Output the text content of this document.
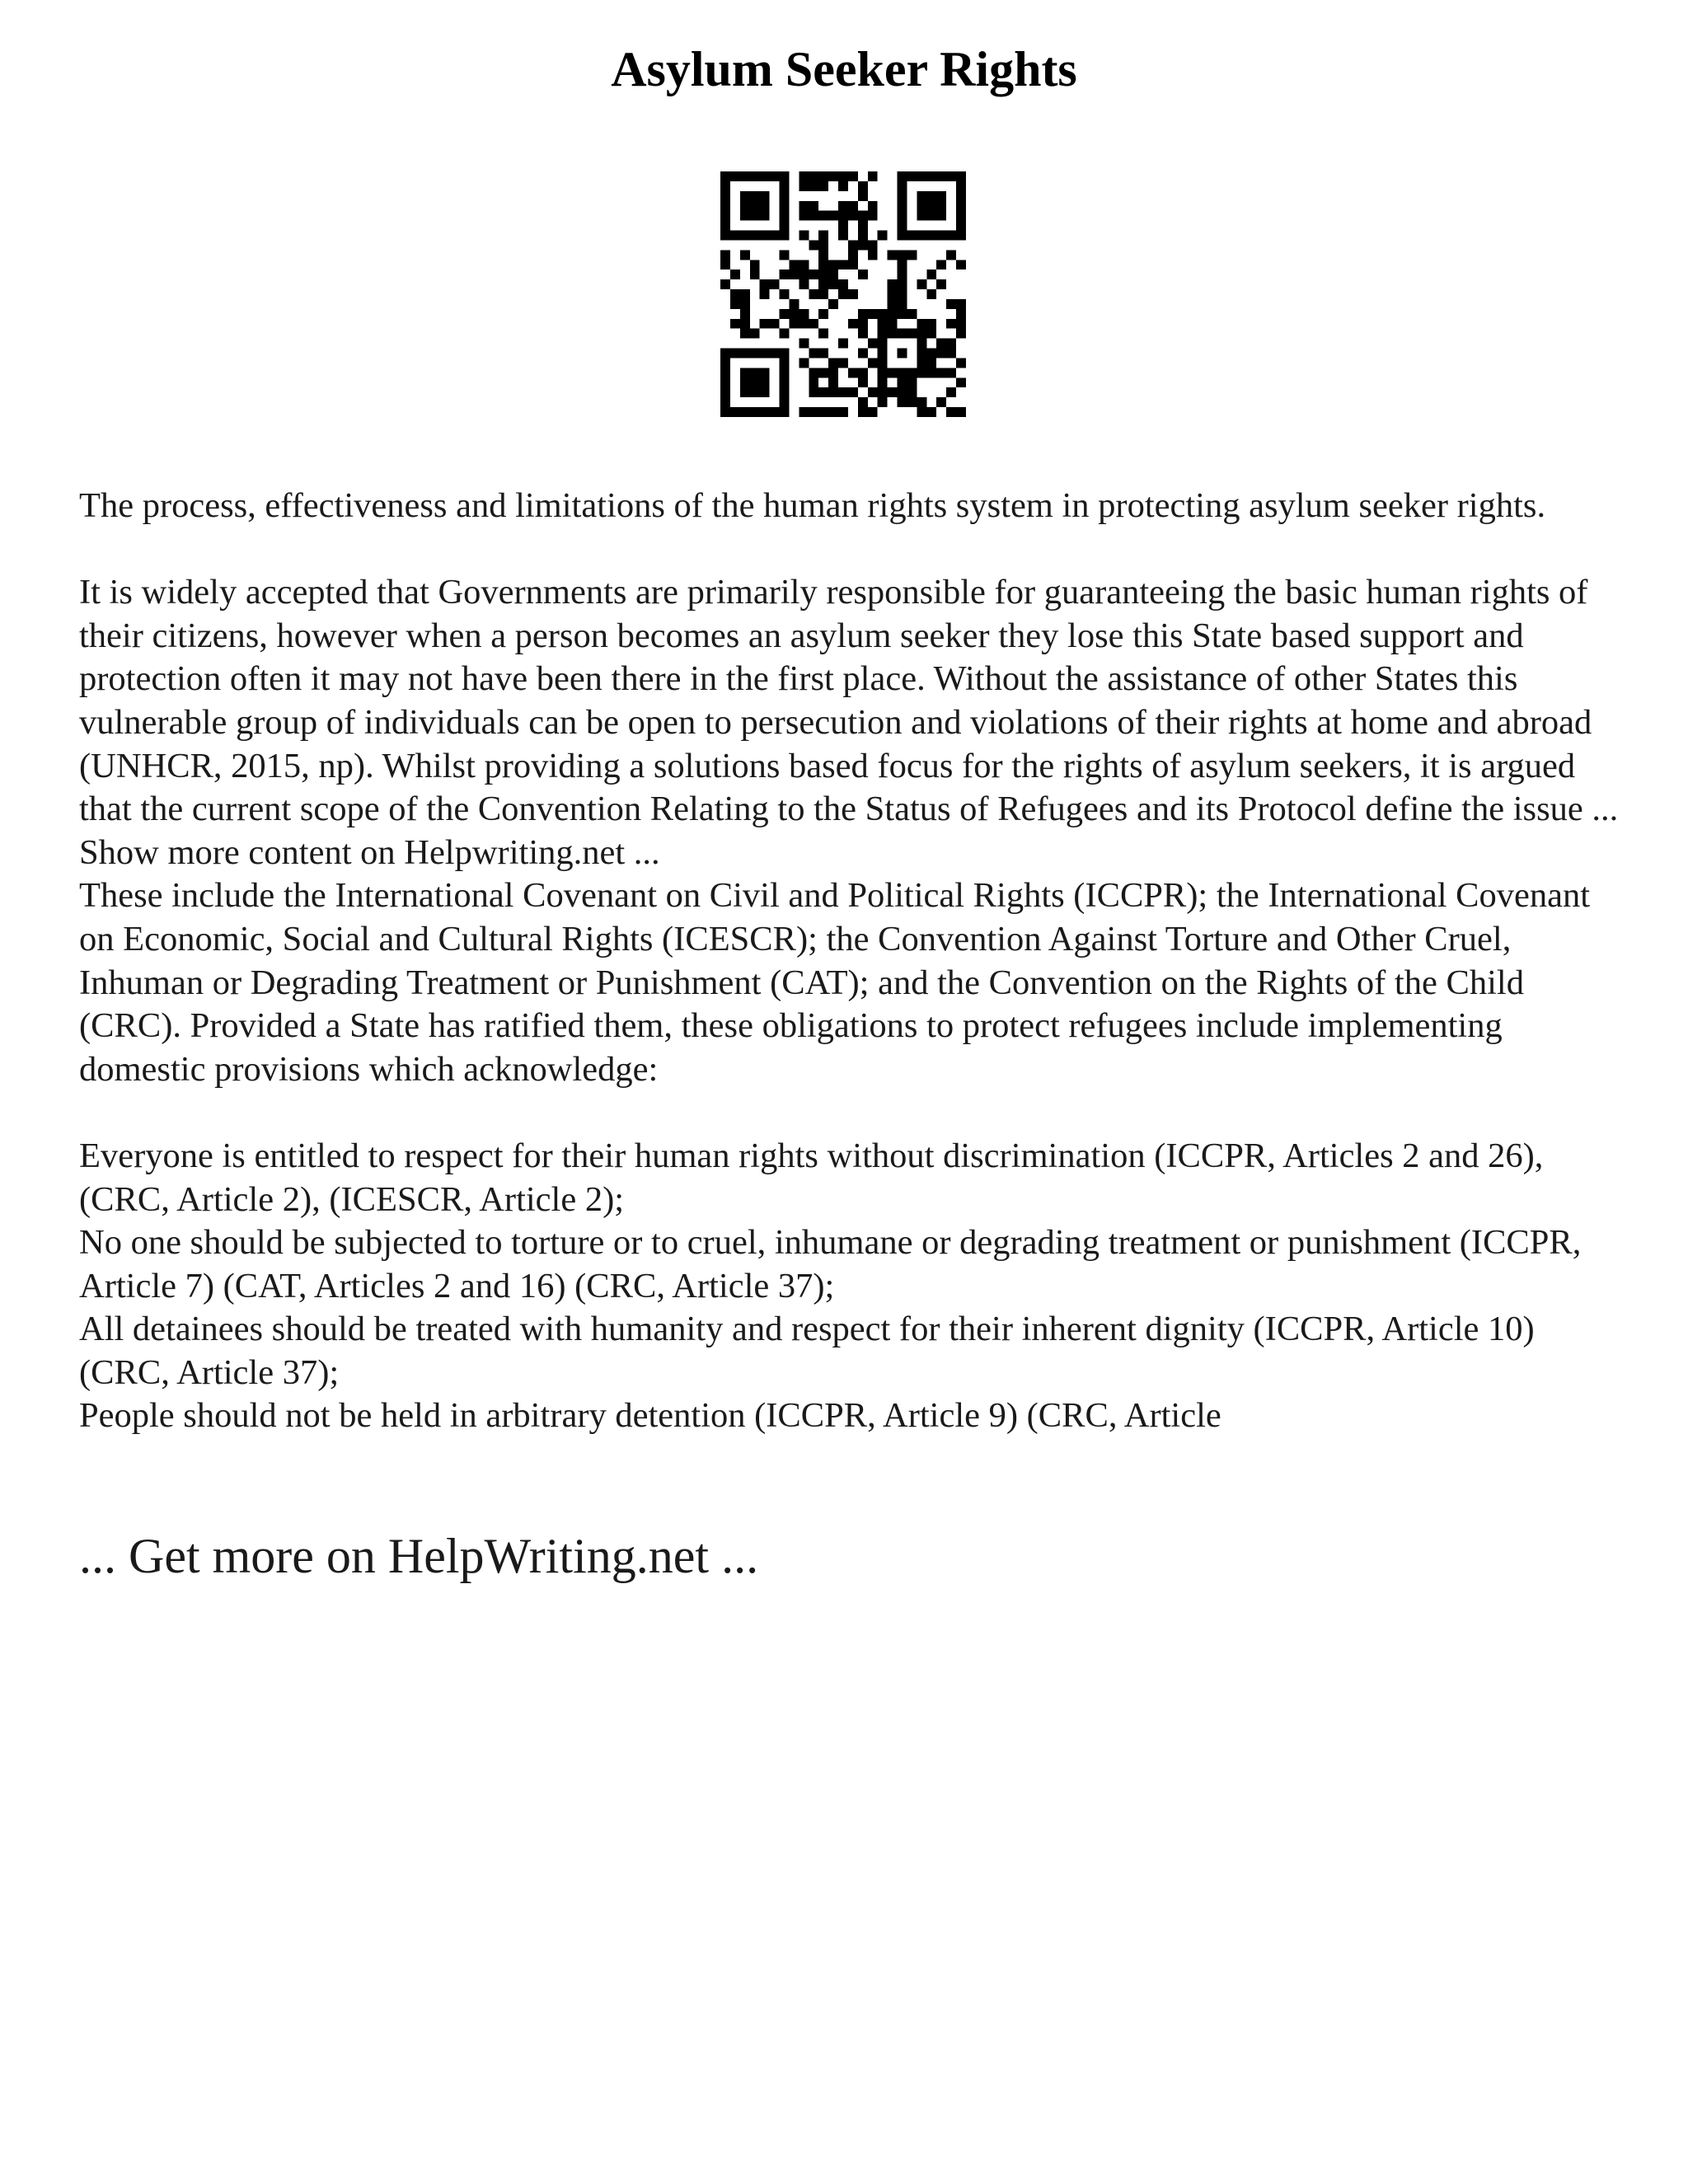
Asylum Seeker Rights

The process, effectiveness and limitations of the human rights system in protecting asylum seeker rights.

It is widely accepted that Governments are primarily responsible for guaranteeing the basic human rights of their citizens, however when a person becomes an asylum seeker they lose this State based support and protection often it may not have been there in the first place. Without the assistance of other States this vulnerable group of individuals can be open to persecution and violations of their rights at home and abroad (UNHCR, 2015, np). Whilst providing a solutions based focus for the rights of asylum seekers, it is argued that the current scope of the Convention Relating to the Status of Refugees and its Protocol define the issue ... Show more content on Helpwriting.net ...

These include the International Covenant on Civil and Political Rights (ICCPR); the International Covenant on Economic, Social and Cultural Rights (ICESCR); the Convention Against Torture and Other Cruel, Inhuman or Degrading Treatment or Punishment (CAT); and the Convention on the Rights of the Child (CRC). Provided a State has ratified them, these obligations to protect refugees include implementing domestic provisions which acknowledge:

Everyone is entitled to respect for their human rights without discrimination (ICCPR, Articles 2 and 26), (CRC, Article 2), (ICESCR, Article 2);

No one should be subjected to torture or to cruel, inhumane or degrading treatment or punishment (ICCPR, Article 7) (CAT, Articles 2 and 16) (CRC, Article 37);

All detainees should be treated with humanity and respect for their inherent dignity (ICCPR, Article 10) (CRC, Article 37);

People should not be held in arbitrary detention (ICCPR, Article 9) (CRC, Article

... Get more on HelpWriting.net ...
